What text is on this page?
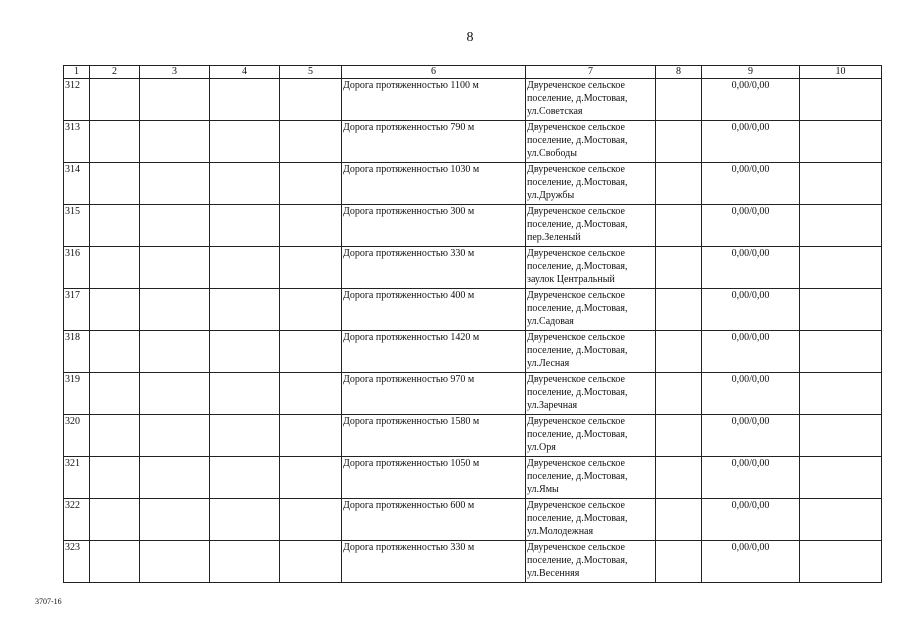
8
1	2	3	4	5	6	7	8	9	10
312					Дорога протяженностью 1100 м	Двуреченское сельское
поселение, д.Мостовая,
ул.Советская		0,00/0,00	
313					Дорога протяженностью 790 м	Двуреченское сельское
поселение, д.Мостовая,
ул.Свободы		0,00/0,00	
314					Дорога протяженностью 1030 м	Двуреченское сельское
поселение, д.Мостовая,
ул.Дружбы		0,00/0,00	
315					Дорога протяженностью 300 м	Двуреченское сельское
поселение, д.Мостовая,
пер.Зеленый		0,00/0,00	
316					Дорога протяженностью 330 м	Двуреченское сельское
поселение, д.Мостовая,
заулок Центральный		0,00/0,00	
317					Дорога протяженностью 400 м	Двуреченское сельское
поселение, д.Мостовая,
ул.Садовая		0,00/0,00	
318					Дорога протяженностью 1420 м	Двуреченское сельское
поселение, д.Мостовая,
ул.Лесная		0,00/0,00	
319					Дорога протяженностью 970 м	Двуреченское сельское
поселение, д.Мостовая,
ул.Заречная		0,00/0,00	
320					Дорога протяженностью 1580 м	Двуреченское сельское
поселение, д.Мостовая,
ул.Оря		0,00/0,00	
321					Дорога протяженностью 1050 м	Двуреченское сельское
поселение, д.Мостовая,
ул.Ямы		0,00/0,00	
322					Дорога протяженностью 600 м	Двуреченское сельское
поселение, д.Мостовая,
ул.Молодежная		0,00/0,00	
323					Дорога протяженностью 330 м	Двуреченское сельское
поселение, д.Мостовая,
ул.Весенняя		0,00/0,00	
3707-16
